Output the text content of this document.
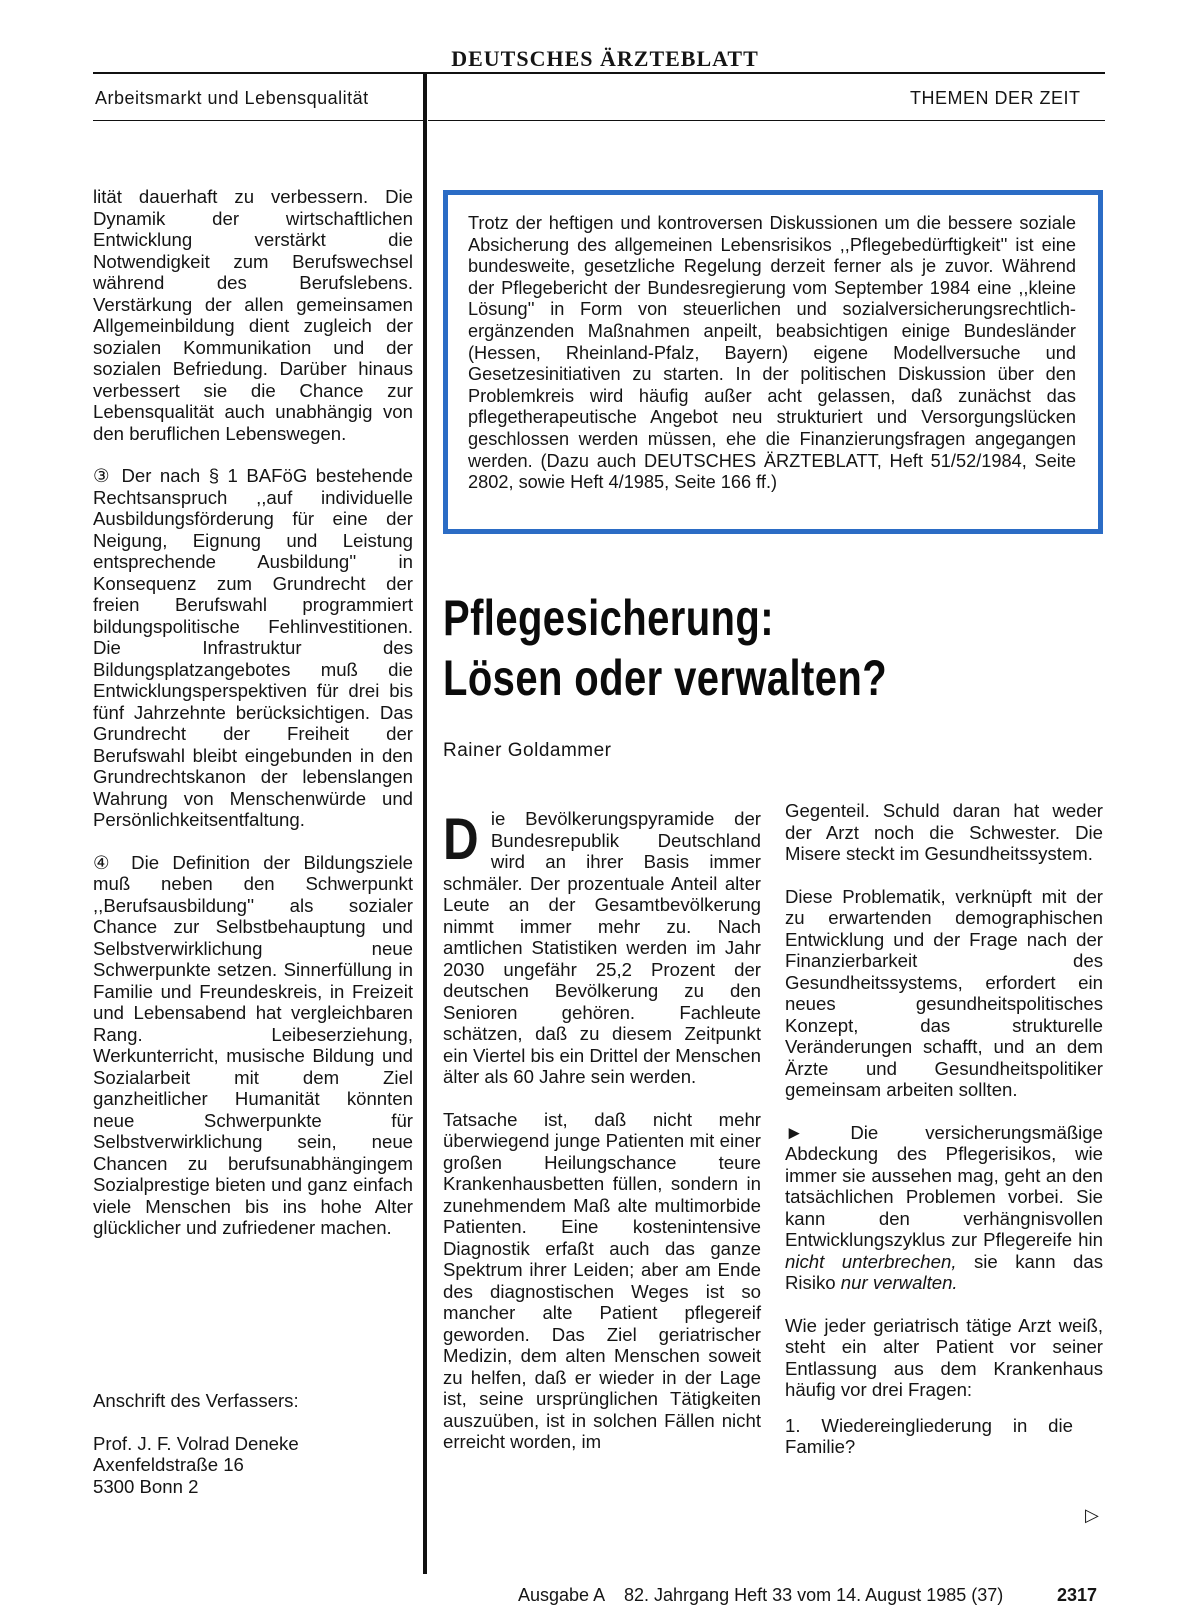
DEUTSCHES ÄRZTEBLATT
Arbeitsmarkt und Lebensqualität	THEMEN DER ZEIT

lität dauerhaft zu verbessern. Die Dynamik der wirtschaftlichen Entwicklung verstärkt die Notwendigkeit zum Berufswechsel während des Berufslebens. Verstärkung der allen gemeinsamen Allgemeinbildung dient zugleich der sozialen Kommunikation und der sozialen Befriedung. Darüber hinaus verbessert sie die Chance zur Lebensqualität auch unabhängig von den beruflichen Lebenswegen.

③ Der nach § 1 BAFöG bestehende Rechtsanspruch ,,auf individuelle Ausbildungsförderung für eine der Neigung, Eignung und Leistung entsprechende Ausbildung'' in Konsequenz zum Grundrecht der freien Berufswahl programmiert bildungspolitische Fehlinvestitionen. Die Infrastruktur des Bildungsplatzangebotes muß die Entwicklungsperspektiven für drei bis fünf Jahrzehnte berücksichtigen. Das Grundrecht der Freiheit der Berufswahl bleibt eingebunden in den Grundrechtskanon der lebenslangen Wahrung von Menschenwürde und Persönlichkeitsentfaltung.

④ Die Definition der Bildungsziele muß neben den Schwerpunkt ,,Berufsausbildung'' als sozialer Chance zur Selbstbehauptung und Selbstverwirklichung neue Schwerpunkte setzen. Sinnerfüllung in Familie und Freundeskreis, in Freizeit und Lebensabend hat vergleichbaren Rang. Leibeserziehung, Werkunterricht, musische Bildung und Sozialarbeit mit dem Ziel ganzheitlicher Humanität könnten neue Schwerpunkte für Selbstverwirklichung sein, neue Chancen zu berufsunabhängingem Sozialprestige bieten und ganz einfach viele Menschen bis ins hohe Alter glücklicher und zufriedener machen.

Anschrift des Verfassers:
Prof. J. F. Volrad Deneke
Axenfeldstraße 16
5300 Bonn 2

Trotz der heftigen und kontroversen Diskussionen um die bessere soziale Absicherung des allgemeinen Lebensrisikos ,,Pflegebedürftigkeit'' ist eine bundesweite, gesetzliche Regelung derzeit ferner als je zuvor. Während der Pflegebericht der Bundesregierung vom September 1984 eine ,,kleine Lösung'' in Form von steuerlichen und sozialversicherungsrechtlich-ergänzenden Maßnahmen anpeilt, beabsichtigen einige Bundesländer (Hessen, Rheinland-Pfalz, Bayern) eigene Modellversuche und Gesetzesinitiativen zu starten. In der politischen Diskussion über den Problemkreis wird häufig außer acht gelassen, daß zunächst das pflegetherapeutische Angebot neu strukturiert und Versorgungslücken geschlossen werden müssen, ehe die Finanzierungsfragen angegangen werden. (Dazu auch DEUTSCHES ÄRZTEBLATT, Heft 51/52/1984, Seite 2802, sowie Heft 4/1985, Seite 166 ff.)

Pflegesicherung:
Lösen oder verwalten?
Rainer Goldammer

Die Bevölkerungspyramide der Bundesrepublik Deutschland wird an ihrer Basis immer schmäler. Der prozentuale Anteil alter Leute an der Gesamtbevölkerung nimmt immer mehr zu. Nach amtlichen Statistiken werden im Jahr 2030 ungefähr 25,2 Prozent der deutschen Bevölkerung zu den Senioren gehören. Fachleute schätzen, daß zu diesem Zeitpunkt ein Viertel bis ein Drittel der Menschen älter als 60 Jahre sein werden.

Tatsache ist, daß nicht mehr überwiegend junge Patienten mit einer großen Heilungschance teure Krankenhausbetten füllen, sondern in zunehmendem Maß alte multimorbide Patienten. Eine kostenintensive Diagnostik erfaßt auch das ganze Spektrum ihrer Leiden; aber am Ende des diagnostischen Weges ist so mancher alte Patient pflegereif geworden. Das Ziel geriatrischer Medizin, dem alten Menschen soweit zu helfen, daß er wieder in der Lage ist, seine ursprünglichen Tätigkeiten auszuüben, ist in solchen Fällen nicht erreicht worden, im

Gegenteil. Schuld daran hat weder der Arzt noch die Schwester. Die Misere steckt im Gesundheitssystem.

Diese Problematik, verknüpft mit der zu erwartenden demographischen Entwicklung und der Frage nach der Finanzierbarkeit des Gesundheitssystems, erfordert ein neues gesundheitspolitisches Konzept, das strukturelle Veränderungen schafft, und an dem Ärzte und Gesundheitspolitiker gemeinsam arbeiten sollten.

►	Die versicherungsmäßige Abdeckung des Pflegerisikos, wie immer sie aussehen mag, geht an den tatsächlichen Problemen vorbei. Sie kann den verhängnisvollen Entwicklungszyklus zur Pflegereife hin nicht unterbrechen, sie kann das Risiko nur verwalten.

Wie jeder geriatrisch tätige Arzt weiß, steht ein alter Patient vor seiner Entlassung aus dem Krankenhaus häufig vor drei Fragen:

1. Wiedereingliederung in die Familie?

▷
Ausgabe A 82. Jahrgang Heft 33 vom 14. August 1985 (37)	2317
